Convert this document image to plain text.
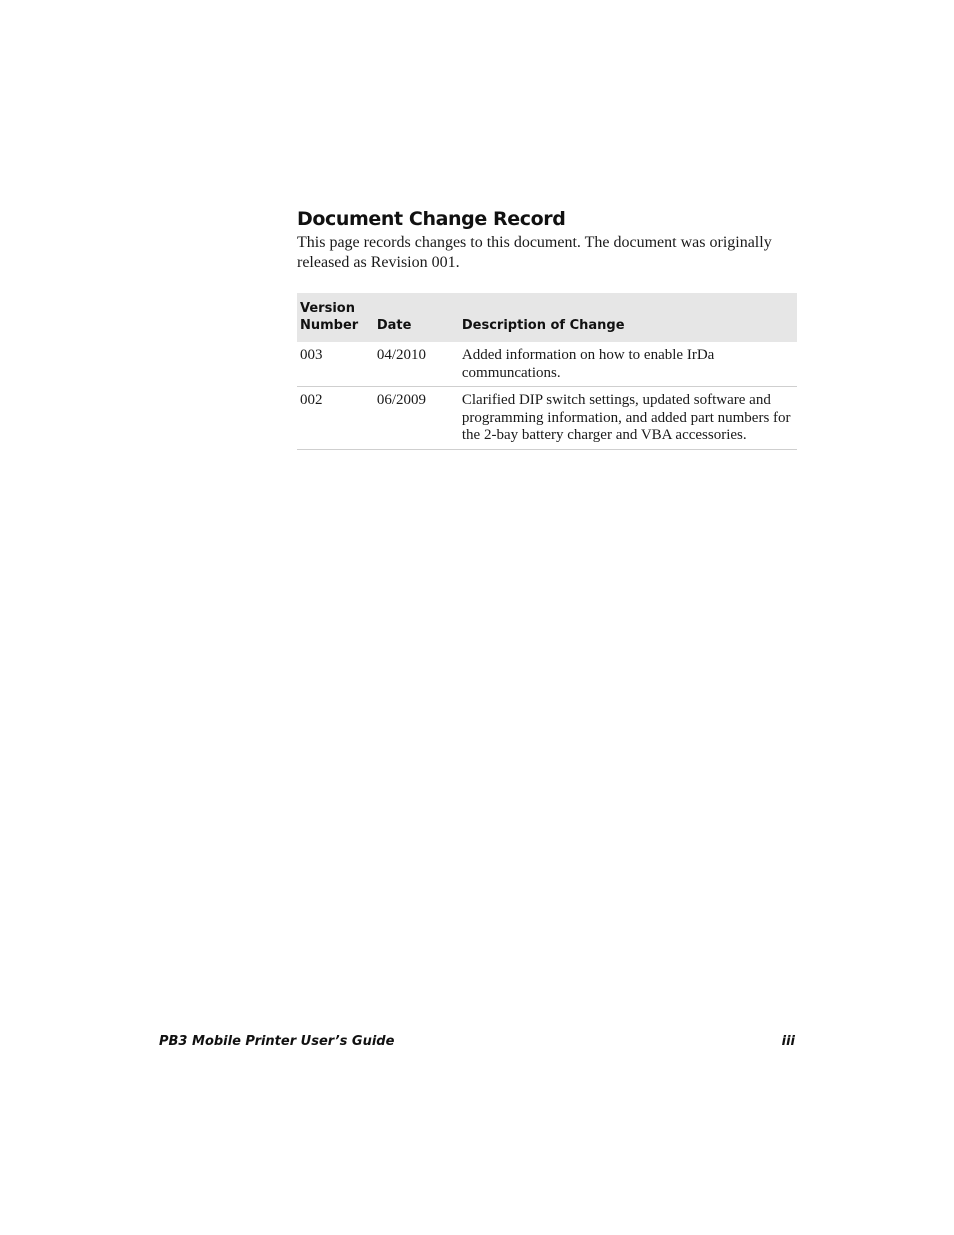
Document Change Record

This page records changes to this document. The document was originally released as Revision 001.

Version
Number	Date	Description of Change
003	04/2010	Added information on how to enable IrDa communcations.
002	06/2009	Clarified DIP switch settings, updated software and programming information, and added part numbers for the 2-bay battery charger and VBA accessories.
PB3 Mobile Printer User’s Guide	iii
